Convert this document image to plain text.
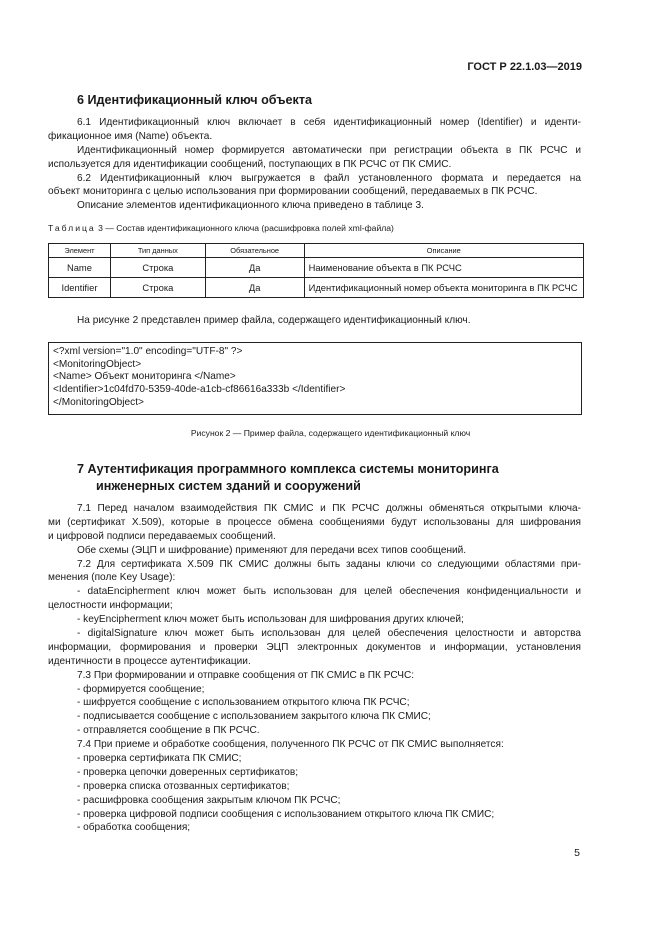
ГОСТ Р 22.1.03—2019
6 Идентификационный ключ объекта
6.1 Идентификационный ключ включает в себя идентификационный номер (Identifier) и иденти-
фикационное имя (Name) объекта.
Идентификационный номер формируется автоматически при регистрации объекта в ПК РСЧС и
используется для идентификации сообщений, поступающих в ПК РСЧС от ПК СМИС.
6.2 Идентификационный ключ выгружается в файл установленного формата и передается на
объект мониторинга с целью использования при формировании сообщений, передаваемых в ПК РСЧС.
Описание элементов идентификационного ключа приведено в таблице 3.
Таблица 3 — Состав идентификационного ключа (расшифровка полей xml-файла)
Элемент	Тип данных	Обязательное	Описание
Name	Строка	Да	Наименование объекта в ПК РСЧС
Identifier	Строка	Да	Идентификационный номер объекта мониторинга в ПК РСЧС
На рисунке 2 представлен пример файла, содержащего идентификационный ключ.
<?xml version="1.0" encoding="UTF-8" ?>
<MonitoringObject>
<Name> Объект мониторинга </Name>
<Identifier>1c04fd70-5359-40de-a1cb-cf86616a333b </Identifier>
</MonitoringObject>
Рисунок 2 — Пример файла, содержащего идентификационный ключ
7 Аутентификация программного комплекса системы мониторинга
инженерных систем зданий и сооружений
7.1 Перед началом взаимодействия ПК СМИС и ПК РСЧС должны обменяться открытыми ключа-
ми (сертификат X.509), которые в процессе обмена сообщениями будут использованы для шифрования
и цифровой подписи передаваемых сообщений.
Обе схемы (ЭЦП и шифрование) применяют для передачи всех типов сообщений.
7.2 Для сертификата X.509 ПК СМИС должны быть заданы ключи со следующими областями при-
менения (поле Key Usage):
- dataEncipherment ключ может быть использован для целей обеспечения конфиденциальности и
целостности информации;
- keyEncipherment ключ может быть использован для шифрования других ключей;
- digitalSignature ключ может быть использован для целей обеспечения целостности и авторства
информации, формирования и проверки ЭЦП электронных документов и информации, установления
идентичности в процессе аутентификации.
7.3 При формировании и отправке сообщения от ПК СМИС в ПК РСЧС:
- формируется сообщение;
- шифруется сообщение с использованием открытого ключа ПК РСЧС;
- подписывается сообщение с использованием закрытого ключа ПК СМИС;
- отправляется сообщение в ПК РСЧС.
7.4 При приеме и обработке сообщения, полученного ПК РСЧС от ПК СМИС выполняется:
- проверка сертификата ПК СМИС;
- проверка цепочки доверенных сертификатов;
- проверка списка отозванных сертификатов;
- расшифровка сообщения закрытым ключом ПК РСЧС;
- проверка цифровой подписи сообщения с использованием открытого ключа ПК СМИС;
- обработка сообщения;
5
